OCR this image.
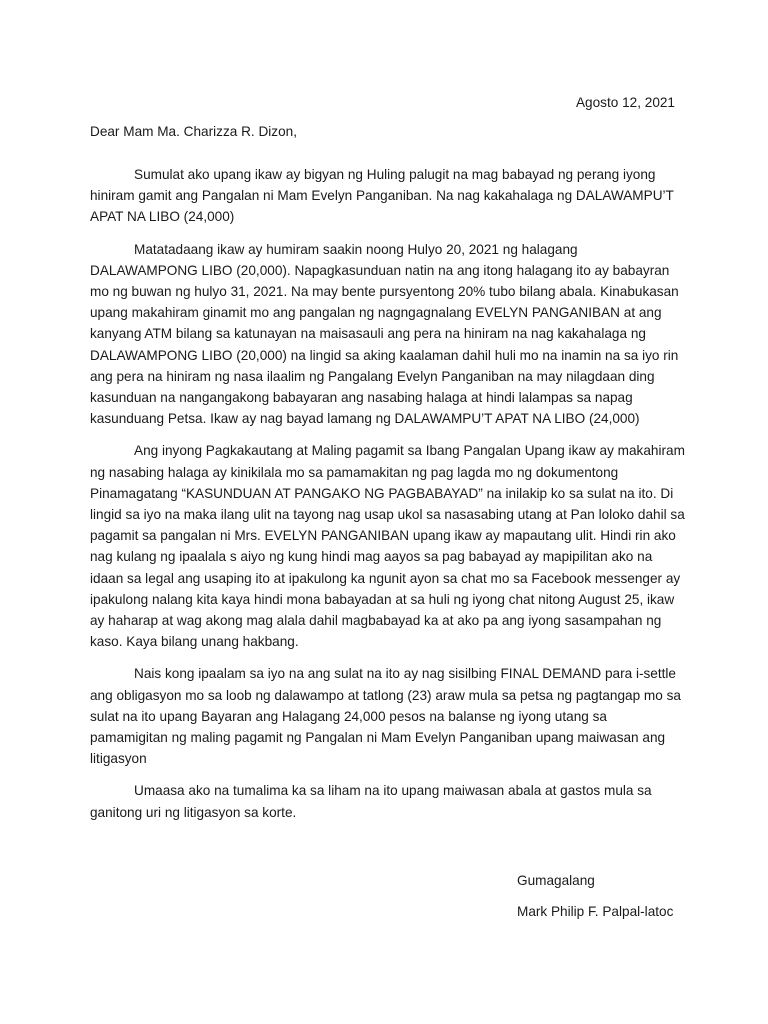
Agosto 12, 2021
Dear Mam Ma. Charizza R. Dizon,

Sumulat ako upang ikaw ay bigyan ng Huling palugit na mag babayad ng perang iyong hiniram gamit ang Pangalan ni Mam Evelyn Panganiban. Na nag kakahalaga ng DALAWAMPU’T APAT NA LIBO (24,000)

Matatadaang ikaw ay humiram saakin noong Hulyo 20, 2021 ng halagang DALAWAMPONG LIBO (20,000). Napagkasunduan natin na ang itong halagang ito ay babayran mo ng buwan ng hulyo 31, 2021. Na may bente pursyentong 20% tubo bilang abala. Kinabukasan upang makahiram ginamit mo ang pangalan ng nagngagnalang EVELYN PANGANIBAN at ang kanyang ATM bilang sa katunayan na maisasauli ang pera na hiniram na nag kakahalaga ng DALAWAMPONG LIBO (20,000) na lingid sa aking kaalaman dahil huli mo na inamin na sa iyo rin ang pera na hiniram ng nasa ilaalim ng Pangalang Evelyn Panganiban na may nilagdaan ding kasunduan na nangangakong babayaran ang nasabing halaga at hindi lalampas sa napag kasunduang Petsa. Ikaw ay nag bayad lamang ng DALAWAMPU’T APAT NA LIBO (24,000)

Ang inyong Pagkakautang at Maling pagamit sa Ibang Pangalan Upang ikaw ay makahiram ng nasabing halaga ay kinikilala mo sa pamamakitan ng pag lagda mo ng dokumentong Pinamagatang “KASUNDUAN AT PANGAKO NG PAGBABAYAD” na inilakip ko sa sulat na ito. Di lingid sa iyo na maka ilang ulit na tayong nag usap ukol sa nasasabing utang at Pan loloko dahil sa pagamit sa pangalan ni Mrs. EVELYN PANGANIBAN upang ikaw ay mapautang ulit. Hindi rin ako nag kulang ng ipaalala s aiyo ng kung hindi mag aayos sa pag babayad ay mapipilitan ako na idaan sa legal ang usaping ito at ipakulong ka ngunit ayon sa chat mo sa Facebook messenger ay ipakulong nalang kita kaya hindi mona babayadan at sa huli ng iyong chat nitong August 25, ikaw ay haharap at wag akong mag alala dahil magbabayad ka at ako pa ang iyong sasampahan ng kaso. Kaya bilang unang hakbang.

Nais kong ipaalam sa iyo na ang sulat na ito ay nag sisilbing FINAL DEMAND para i-settle ang obligasyon mo sa loob ng dalawampo at tatlong (23) araw mula sa petsa ng pagtangap mo sa sulat na ito upang Bayaran ang Halagang 24,000 pesos na balanse ng iyong utang sa pamamigitan ng maling pagamit ng Pangalan ni Mam Evelyn Panganiban upang maiwasan ang litigasyon

Umaasa ako na tumalima ka sa liham na ito upang maiwasan abala at gastos mula sa ganitong uri ng litigasyon sa korte.

Gumagalang
Mark Philip F. Palpal-latoc
